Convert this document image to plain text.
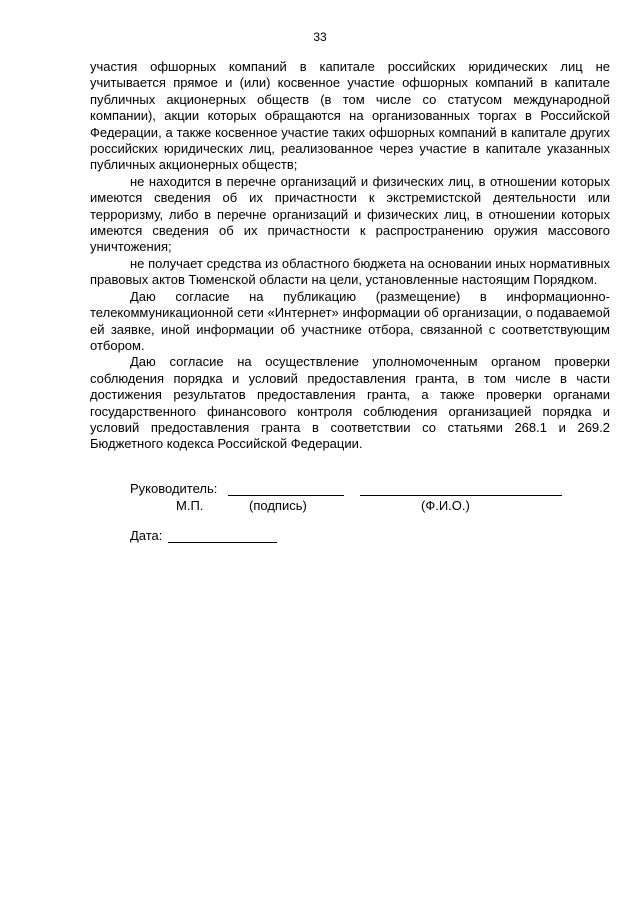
33

участия офшорных компаний в капитале российских юридических лиц не учитывается прямое и (или) косвенное участие офшорных компаний в капитале публичных акционерных обществ (в том числе со статусом международной компании), акции которых обращаются на организованных торгах в Российской Федерации, а также косвенное участие таких офшорных компаний в капитале других российских юридических лиц, реализованное через участие в капитале указанных публичных акционерных обществ;

не находится в перечне организаций и физических лиц, в отношении которых имеются сведения об их причастности к экстремистской деятельности или терроризму, либо в перечне организаций и физических лиц, в отношении которых имеются сведения об их причастности к распространению оружия массового уничтожения;

не получает средства из областного бюджета на основании иных нормативных правовых актов Тюменской области на цели, установленные настоящим Порядком.

Даю согласие на публикацию (размещение) в информационно-телекоммуникационной сети «Интернет» информации об организации, о подаваемой ей заявке, иной информации об участнике отбора, связанной с соответствующим отбором.

Даю согласие на осуществление уполномоченным органом проверки соблюдения порядка и условий предоставления гранта, в том числе в части достижения результатов предоставления гранта, а также проверки органами государственного финансового контроля соблюдения организацией порядка и условий предоставления гранта в соответствии со статьями 268.1 и 269.2 Бюджетного кодекса Российской Федерации.

Руководитель:
М.П.	(подпись)	(Ф.И.О.)
Дата:
